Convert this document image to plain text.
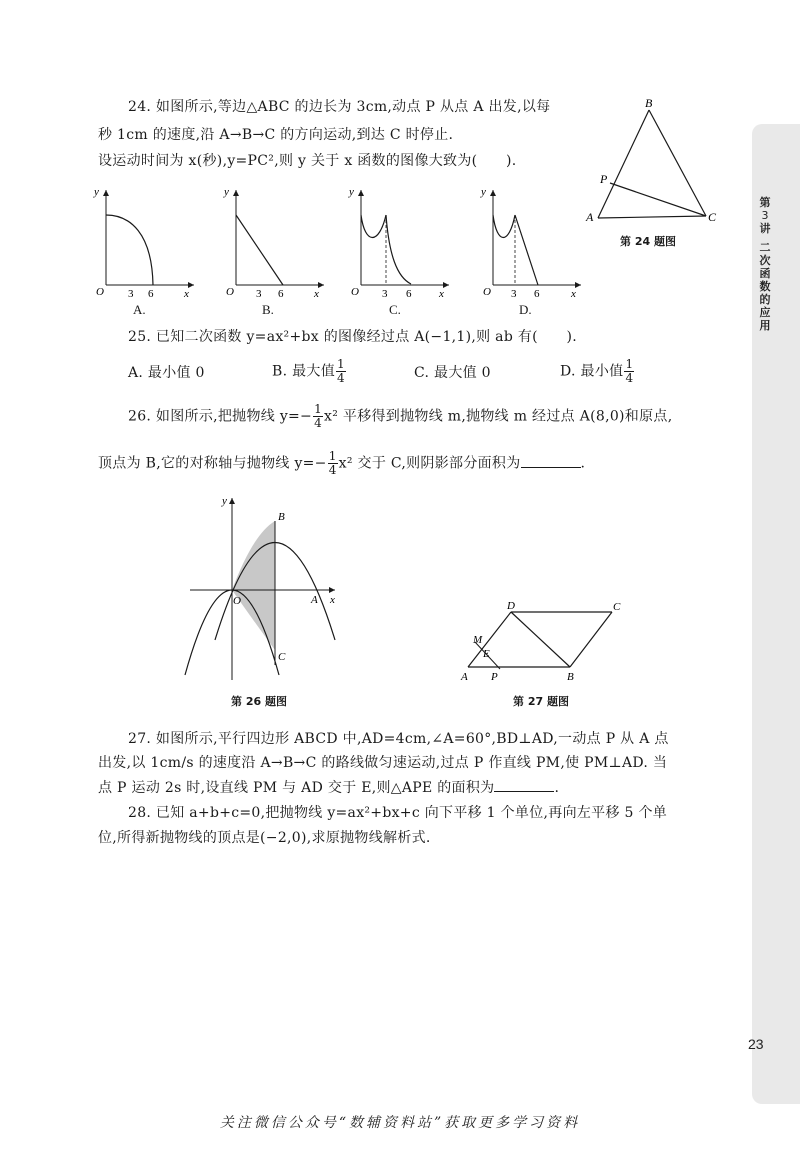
第
3
讲
二
次
函
数
的
应
用
24. 如图所示,等边△ABC 的边长为 3cm,动点 P 从点 A 出发,以每
秒 1cm 的速度,沿 A→B→C 的方向运动,到达 C 时停止.
设运动时间为 x(秒),y=PC²,则 y 关于 x 函数的图像大致为(　　).
B
A	C
P
第 24 题图
O 3 6	x
y
A.
O 3 6	x
y
B.
O 3 6	x
y
C.
O 3 6	x
y
D.
25. 已知二次函数 y=ax²+bx 的图像经过点 A(−1,1),则 ab 有(　　).
A. 最小值 0	B. 最大值 $\frac{1}{4}$	C. 最大值 0	D. 最小值 $\frac{1}{4}$
26. 如图所示,把抛物线 $y=- \frac{1}{4} x^2$ 平移得到抛物线 m,抛物线 m 经过点 A(8,0)和原点,
顶点为 B,它的对称轴与抛物线 $y=- \frac{1}{4} x^2$ 交于 C,则阴影部分面积为	.
y
B
O	A x
C
第 26 题图
D	C
M
E
A P	B
第 27 题图
27. 如图所示,平行四边形 ABCD 中,AD=4cm,∠A=60°,BD⊥AD,一动点 P 从 A 点
出发,以 1cm/s 的速度沿 A→B→C 的路线做匀速运动,过点 P 作直线 PM,使 PM⊥AD. 当
点 P 运动 2s 时,设直线 PM 与 AD 交于 E,则△APE 的面积为	.
28. 已知 a+b+c=0,把抛物线 y=ax²+bx+c 向下平移 1 个单位,再向左平移 5 个单
位,所得新抛物线的顶点是(−2,0),求原抛物线解析式.
23
关注微信公众号“数辅资料站”获取更多学习资料
